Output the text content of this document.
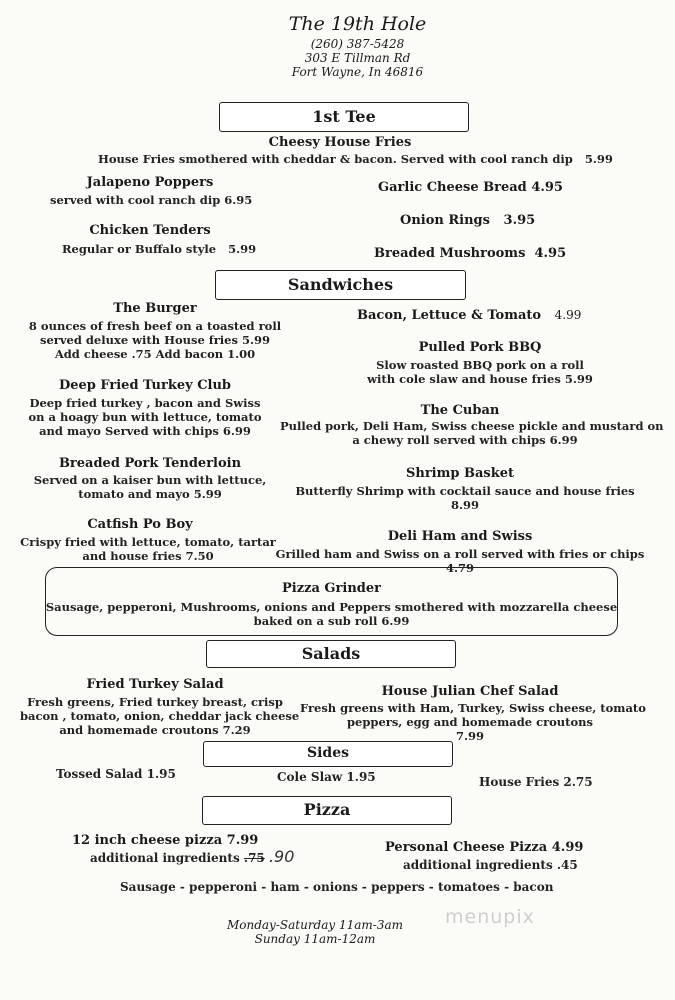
The 19th Hole
(260) 387-5428
303 E Tillman Rd
Fort Wayne, In 46816
1st Tee
Cheesy House Fries
House Fries smothered with cheddar & bacon. Served with cool ranch dip 5.99
Jalapeno Poppers
served with cool ranch dip 6.95
Chicken Tenders
Regular or Buffalo style 5.99
Garlic Cheese Bread 4.95
Onion Rings 3.95
Breaded Mushrooms 4.95
Sandwiches
The Burger
8 ounces of fresh beef on a toasted roll
served deluxe with House fries 5.99
Add cheese .75 Add bacon 1.00
Deep Fried Turkey Club
Deep fried turkey , bacon and Swiss
on a hoagy bun with lettuce, tomato
and mayo Served with chips 6.99
Breaded Pork Tenderloin
Served on a kaiser bun with lettuce,
tomato and mayo 5.99
Catfish Po Boy
Crispy fried with lettuce, tomato, tartar
and house fries 7.50
Bacon, Lettuce & Tomato 4.99
Pulled Pork BBQ
Slow roasted BBQ pork on a roll
with cole slaw and house fries 5.99
The Cuban
Pulled pork, Deli Ham, Swiss cheese pickle and mustard on
a chewy roll served with chips 6.99
Shrimp Basket
Butterfly Shrimp with cocktail sauce and house fries
8.99
Deli Ham and Swiss
Grilled ham and Swiss on a roll served with fries or chips
4.79
Pizza Grinder
Sausage, pepperoni, Mushrooms, onions and Peppers smothered with mozzarella cheese
baked on a sub roll 6.99
Salads
Fried Turkey Salad
Fresh greens, Fried turkey breast, crisp
bacon , tomato, onion, cheddar jack cheese
and homemade croutons 7.29
House Julian Chef Salad
Fresh greens with Ham, Turkey, Swiss cheese, tomato
peppers, egg and homemade croutons
7.99
Sides
Tossed Salad 1.95	Cole Slaw 1.95	House Fries 2.75
Pizza
12 inch cheese pizza 7.99
additional ingredients .75 .90	Personal Cheese Pizza 4.99
additional ingredients .45
Sausage - pepperoni - ham - onions - peppers - tomatoes - bacon
menupix
Monday-Saturday 11am-3am
Sunday 11am-12am
